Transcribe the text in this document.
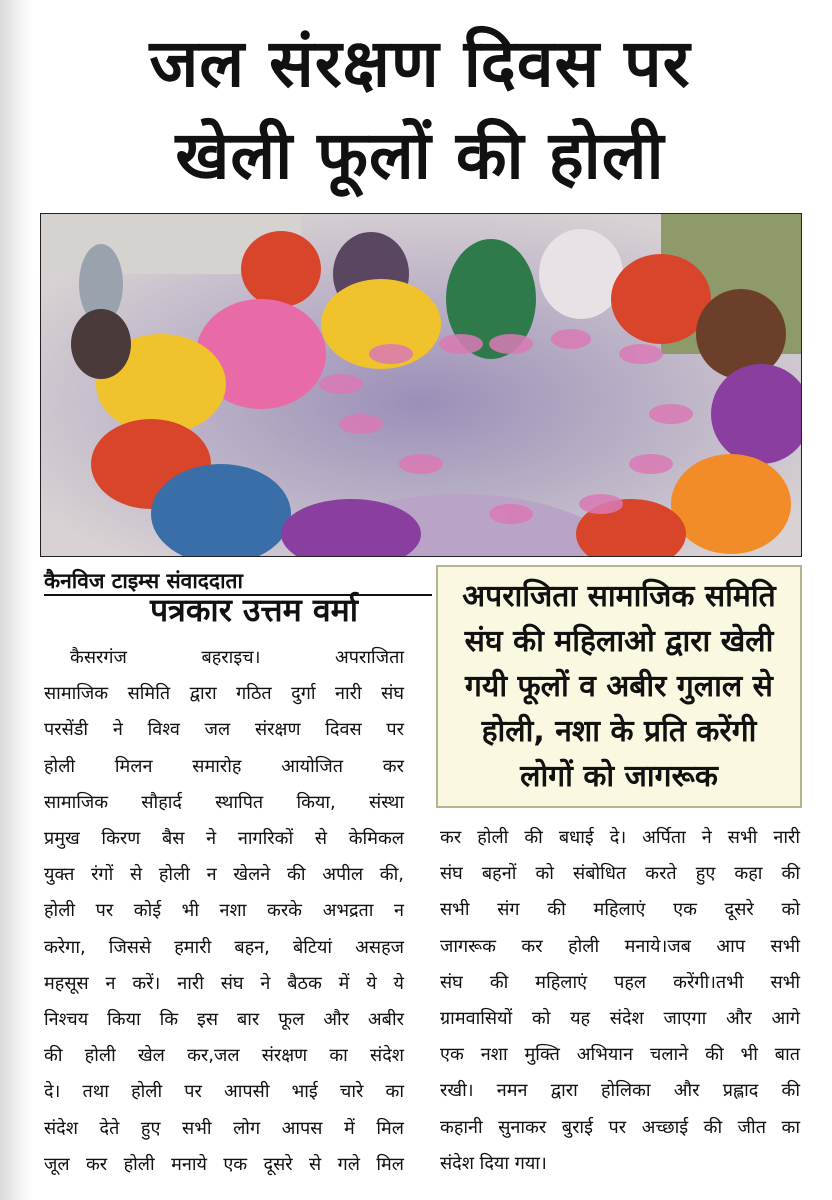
जल संरक्षण दिवस पर
खेली फूलों की होली
कैनविज टाइम्स संवाददाता
पत्रकार उत्तम वर्मा	अपराजिता सामाजिक समिति
संघ की महिलाओ द्वारा खेली
गयी फूलों व अबीर गुलाल से
होली, नशा के प्रति करेंगी
लोगों को जागरूक
कैसरगंज बहराइच। अपराजिता
सामाजिक समिति द्वारा गठित दुर्गा नारी संघ
परसेंडी ने विश्व जल संरक्षण दिवस पर
होली मिलन समारोह आयोजित कर
सामाजिक सौहार्द स्थापित किया, संस्था
प्रमुख किरण बैस ने नागरिकों से केमिकल
युक्त रंगों से होली न खेलने की अपील की,
होली पर कोई भी नशा करके अभद्रता न
करेगा, जिससे हमारी बहन, बेटियां असहज
महसूस न करें। नारी संघ ने बैठक में ये ये
निश्चय किया कि इस बार फूल और अबीर
की होली खेल कर,जल संरक्षण का संदेश
दे। तथा होली पर आपसी भाई चारे का
संदेश देते हुए सभी लोग आपस में मिल
जूल कर होली मनाये एक दूसरे से गले मिल
कर होली की बधाई दे। अर्पिता ने सभी नारी
संघ बहनों को संबोधित करते हुए कहा की
सभी संग की महिलाएं एक दूसरे को
जागरूक कर होली मनाये।जब आप सभी
संघ की महिलाएं पहल करेंगी।तभी सभी
ग्रामवासियों को यह संदेश जाएगा और आगे
एक नशा मुक्ति अभियान चलाने की भी बात
रखी। नमन द्वारा होलिका और प्रह्लाद की
कहानी सुनाकर बुराई पर अच्छाई की जीत का
संदेश दिया गया।
